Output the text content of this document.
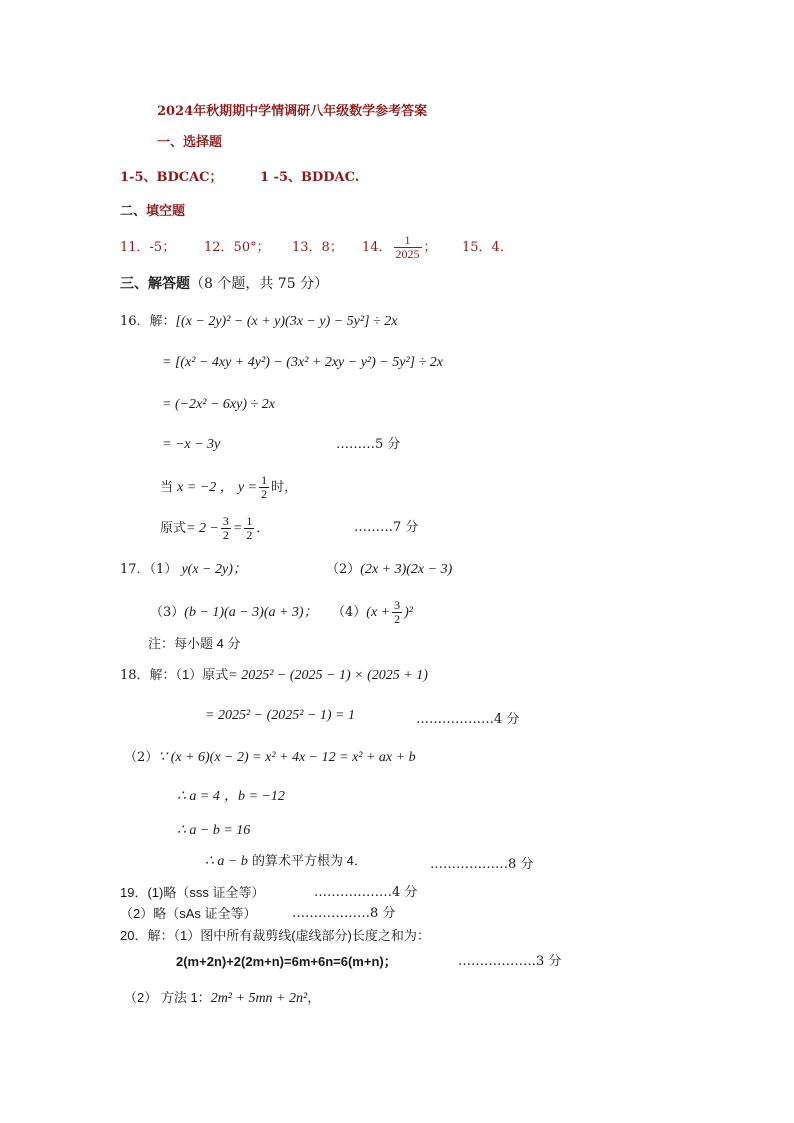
2024年秋期期中学情调研八年级数学参考答案
一、选择题
1-5、BDCAC；	1 -5、BDDAC.
二、填空题
11．-5； 12．50°； 13．8； 14． $\frac{1}{2025}$ ； 15．4．
三、解答题（8 个题，共 75 分）
16．解：[(x − 2y)² − (x + y)(3x − y) − 5y²] ÷ 2x
= [(x² − 4xy + 4y²) − (3x² + 2xy − y²) − 5y²] ÷ 2x
= (−2x² − 6xy) ÷ 2x
= −x − 3y	………5 分
当 x = −2 ， $y = \frac{1}{2}$ 时，
原式= $2 - \frac{3}{2} = \frac{1}{2}$ ．	………7 分
17．（1） y(x − 2y)；	（2）(2x + 3)(2x − 3)
（3）(b − 1)(a − 3)(a + 3)； $(4)(x + \frac{3}{2} )^2$
注：每小题 4 分
18．解：（1）原式= 2025² − (2025 − 1) × (2025 + 1)
= 2025² − (2025² − 1) = 1	………………4 分
（2）∵ (x + 6)(x − 2) = x² + 4x − 12 = x² + ax + b
∴ a = 4 ，b = −12
∴ a − b = 16
∴ a − b 的算术平方根为 4．	………………8 分
19．(1)略（sss 证全等）	………………4 分
（2）略（sAs 证全等）	………………8 分
20．解：（1）图中所有裁剪线(虚线部分)长度之和为：
2(m+2n)+2(2m+n)=6m+6n=6(m+n)；	………………3 分
（2） 方法 1：2m² + 5mn + 2n²，
